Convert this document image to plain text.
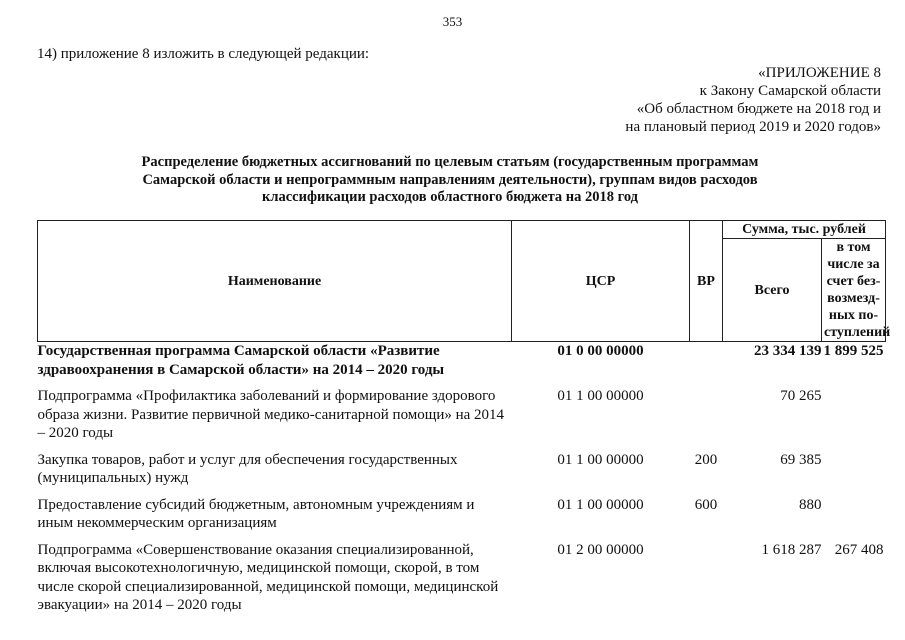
353
14) приложение 8 изложить в следующей редакции:
«ПРИЛОЖЕНИЕ 8
к Закону Самарской области
«Об областном бюджете на 2018 год и
на плановый период 2019 и 2020 годов»
Распределение бюджетных ассигнований по целевым статьям (государственным программам
Самарской области и непрограммным направлениям деятельности), группам видов расходов
классификации расходов областного бюджета на 2018 год
Наименование	ЦСР	ВР	Сумма, тыс. рублей	
			Всего	в том числе за счет без-возмезд-ных по-ступлений
Государственная программа Самарской области «Развитие здравоохранения в Самарской области» на 2014 – 2020 годы	01 0 00 00000		23 334 139	1 899 525

Подпрограмма «Профилактика заболеваний и формирование здорового образа жизни. Развитие первичной медико-санитарной помощи» на 2014 – 2020 годы	01 1 00 00000		70 265	

Закупка товаров, работ и услуг для обеспечения государственных (муниципальных) нужд	01 1 00 00000	200	69 385	

Предоставление субсидий бюджетным, автономным учреждениям и иным некоммерческим организациям	01 1 00 00000	600	880	

Подпрограмма «Совершенствование оказания специализированной, включая высокотехнологичную, медицинской помощи, скорой, в том числе скорой специализированной, медицинской помощи, медицинской эвакуации» на 2014 – 2020 годы	01 2 00 00000		1 618 287	267 408
